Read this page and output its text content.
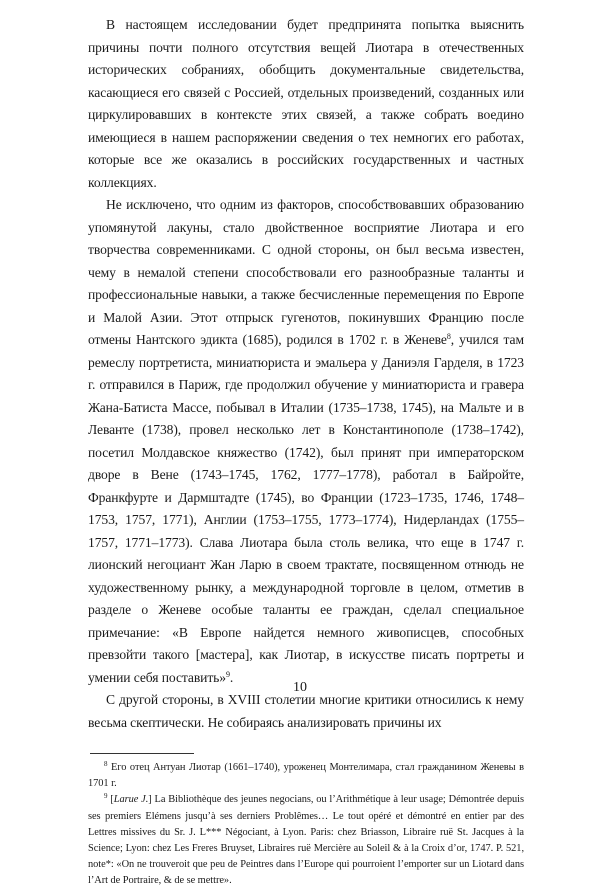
В настоящем исследовании будет предпринята попытка выяснить причины почти полного отсутствия вещей Лиотара в отечественных исторических собраниях, обобщить документальные свидетельства, касающиеся его связей с Россией, отдельных произведений, созданных или циркулировавших в контексте этих связей, а также собрать воедино имеющиеся в нашем распоряжении сведения о тех немногих его работах, которые все же оказались в российских государственных и частных коллекциях.

Не исключено, что одним из факторов, способствовавших образованию упомянутой лакуны, стало двойственное восприятие Лиотара и его творчества современниками. С одной стороны, он был весьма известен, чему в немалой степени способствовали его разнообразные таланты и профессиональные навыки, а также бесчисленные перемещения по Европе и Малой Азии. Этот отпрыск гугенотов, покинувших Францию после отмены Нантского эдикта (1685), родился в 1702 г. в Женеве$^8$, учился там ремеслу портретиста, миниатюриста и эмальера у Даниэля Гарделя, в 1723 г. отправился в Париж, где продолжил обучение у миниатюриста и гравера Жана-Батиста Массе, побывал в Италии (1735–1738, 1745), на Мальте и в Леванте (1738), провел несколько лет в Константинополе (1738–1742), посетил Молдавское княжество (1742), был принят при императорском дворе в Вене (1743–1745, 1762, 1777–1778), работал в Байройте, Франкфурте и Дармштадте (1745), во Франции (1723–1735, 1746, 1748–1753, 1757, 1771), Англии (1753–1755, 1773–1774), Нидерландах (1755–1757, 1771–1773). Слава Лиотара была столь велика, что еще в 1747 г. лионский негоциант Жан Ларю в своем трактате, посвященном отнюдь не художественному рынку, а международной торговле в целом, отметив в разделе о Женеве особые таланты ее граждан, сделал специальное примечание: «В Европе найдется немного живописцев, способных превзойти такого [мастера], как Лиотар, в искусстве писать портреты и умении себя поставить»$^9$.

С другой стороны, в XVIII столетии многие критики относились к нему весьма скептически. Не собираясь анализировать причины их

$^8$ Его отец Антуан Лиотар (1661–1740), уроженец Монтелимара, стал гражданином Женевы в 1701 г.

$^9$ [Larue J.] La Bibliothèque des jeunes negocians, ou l’Arithmétique à leur usage; Démontrée depuis ses premiers Elémens jusqu’à ses derniers Problêmes… Le tout opéré et démontré en entier par des Lettres missives du Sr. J. L*** Négociant, à Lyon. Paris: chez Briasson, Libraire ruë St. Jacques à la Science; Lyon: chez Les Freres Bruyset, Libraires ruë Mercière au Soleil & à la Croix d’or, 1747. P. 521, note*: «On ne trouveroit que peu de Peintres dans l’Europe qui pourroient l’emporter sur un Liotard dans l’Art de Portraire, & de se mettre».

10
